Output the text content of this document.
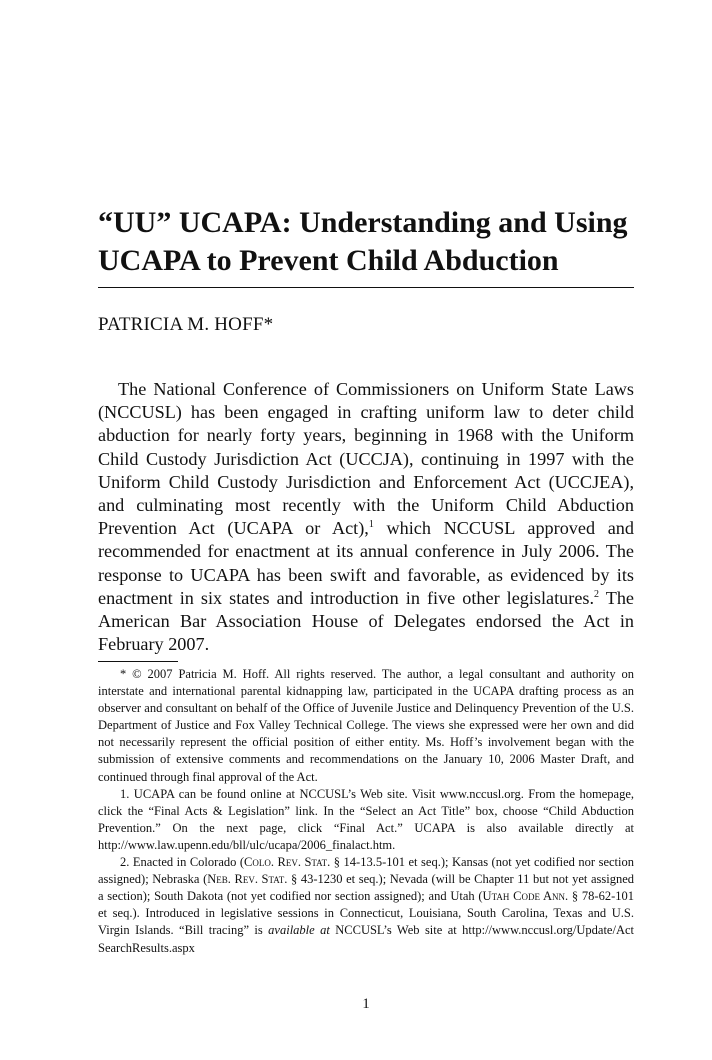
“UU” UCAPA: Understanding and Using UCAPA to Prevent Child Abduction
PATRICIA M. HOFF*

The National Conference of Commissioners on Uniform State Laws (NCCUSL) has been engaged in crafting uniform law to deter child abduction for nearly forty years, beginning in 1968 with the Uniform Child Custody Jurisdiction Act (UCCJA), continuing in 1997 with the Uniform Child Custody Jurisdiction and Enforcement Act (UCCJEA), and culminating most recently with the Uniform Child Abduction Prevention Act (UCAPA or Act),$^1$ which NCCUSL approved and recommended for enactment at its annual conference in July 2006. The response to UCAPA has been swift and favorable, as evidenced by its enactment in six states and introduction in five other legislatures.$^2$ The American Bar Association House of Delegates endorsed the Act in February 2007.

* © 2007 Patricia M. Hoff. All rights reserved. The author, a legal consultant and authority on interstate and international parental kidnapping law, participated in the UCAPA drafting process as an observer and consultant on behalf of the Office of Juvenile Justice and Delinquency Prevention of the U.S. Department of Justice and Fox Valley Technical College. The views she expressed were her own and did not necessarily represent the official position of either entity. Ms. Hoff’s involvement began with the submission of extensive comments and recommendations on the January 10, 2006 Master Draft, and continued through final approval of the Act.

1. UCAPA can be found online at NCCUSL’s Web site. Visit www.nccusl.org. From the homepage, click the “Final Acts & Legislation” link. In the “Select an Act Title” box, choose “Child Abduction Prevention.” On the next page, click “Final Act.” UCAPA is also available directly at http://www.law.upenn.edu/bll/ulc/ucapa/2006_finalact.htm.

2. Enacted in Colorado (Colo. Rev. Stat. § 14-13.5-101 et seq.); Kansas (not yet codified nor section assigned); Nebraska (Neb. Rev. Stat. § 43-1230 et seq.); Nevada (will be Chapter 11 but not yet assigned a section); South Dakota (not yet codified nor section assigned); and Utah (Utah Code Ann. § 78-62-101 et seq.). Introduced in legislative sessions in Connecticut, Louisiana, South Carolina, Texas and U.S. Virgin Islands. “Bill tracing” is available at NCCUSL’s Web site at http://www.nccusl.org/Update/Act SearchResults.aspx

1
